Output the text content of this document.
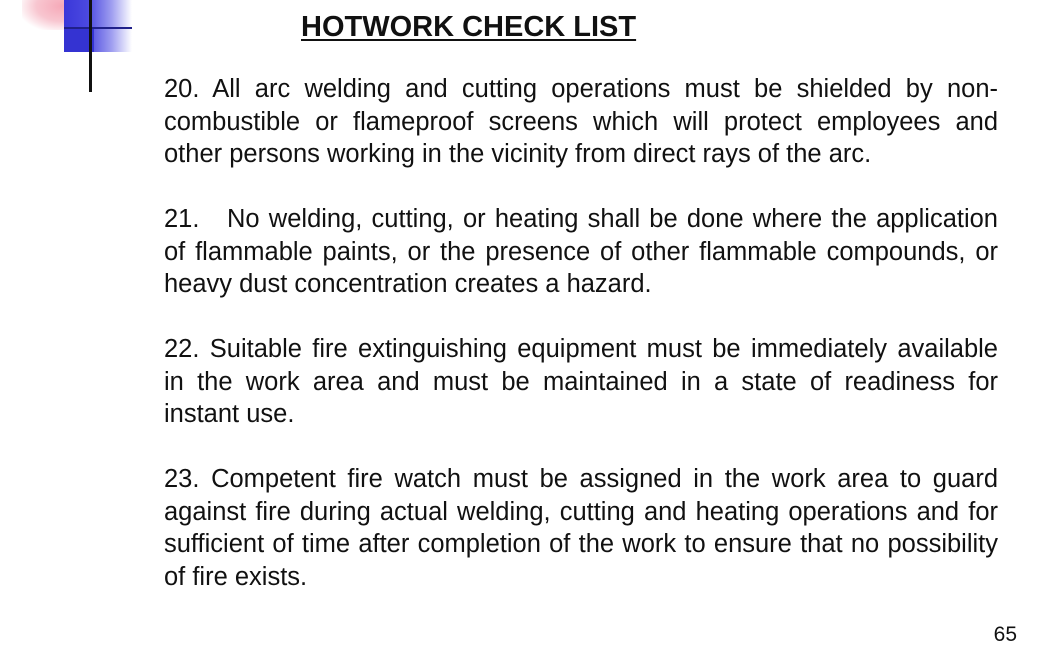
HOTWORK CHECK LIST

20. All arc welding and cutting operations must be shielded by non-combustible or flameproof screens which will protect employees and other persons working in the vicinity from direct rays of the arc.

21.   No welding, cutting, or heating shall be done where the application of flammable paints, or the presence of other flammable compounds, or heavy dust concentration creates a hazard.

22. Suitable fire extinguishing equipment must be immediately available in the work area and must be maintained in a state of readiness for instant use.

23. Competent fire watch must be assigned in the work area to guard against fire during actual welding, cutting and heating operations and for sufficient of time after completion of the work to ensure that no possibility of fire exists.

65
